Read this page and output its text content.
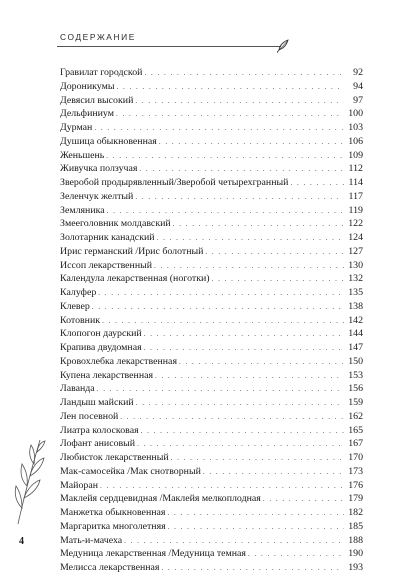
СОДЕРЖАНИЕ
Гравилат городской . . .	92
Дороникумы . . .	94
Девясил высокий . . .	97
Дельфиниум . . .	100
Дурман . . .	103
Душица обыкновенная . . .	106
Женьшень . . .	109
Живучка ползучая . . .	112
Зверобой продырявленный/Зверобой четырехгранный . . .	114
Зеленчук желтый . . .	117
Земляника . . .	119
Змееголовник молдавский . . .	122
Золотарник канадский . . .	124
Ирис германский /Ирис болотный . . .	127
Иссоп лекарственный . . .	130
Календула лекарственная (ноготки) . . .	132
Калуфер . . .	135
Клевер . . .	138
Котовник . . .	142
Клопогон даурский . . .	144
Крапива двудомная . . .	147
Кровохлебка лекарственная . . .	150
Купена лекарственная . . .	153
Лаванда . . .	156
Ландыш майский . . .	159
Лен посевной . . .	162
Лиатра колосковая . . .	165
Лофант анисовый . . .	167
Любисток лекарственный . . .	170
Мак-самосейка /Мак снотворный . . .	173
Майоран . . .	176
Маклейя сердцевидная /Маклейя мелкоплодная . . .	179
Манжетка обыкновенная . . .	182
Маргаритка многолетняя . . .	185
Мать-и-мачеха . . .	188
Медуница лекарственная /Медуница темная . . .	190
Мелисса лекарственная . . .	193
4
